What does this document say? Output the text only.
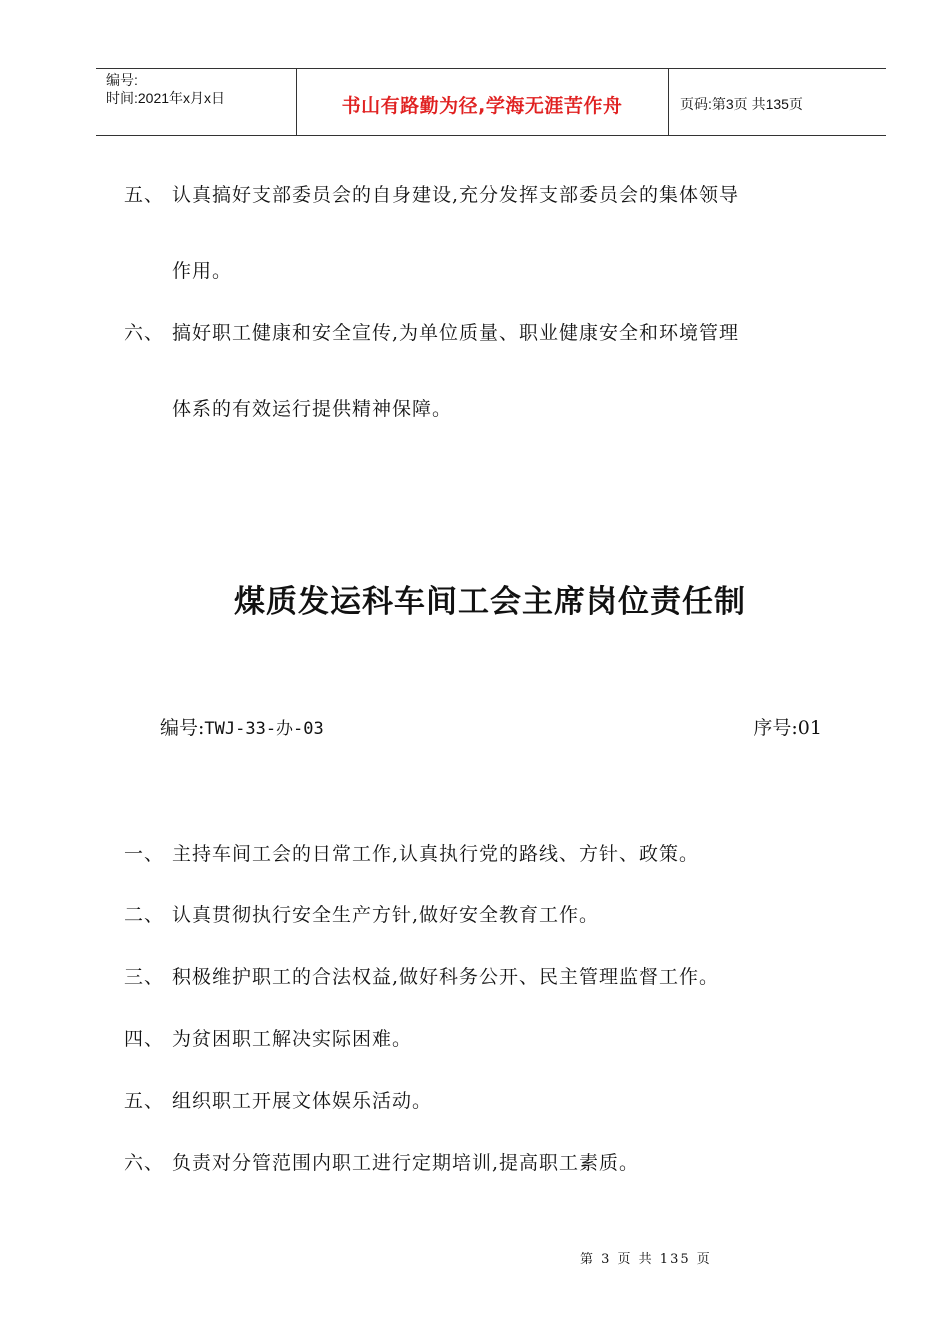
编号:
时间:2021年x月x日	书山有路勤为径,学海无涯苦作舟	页码:第3页 共135页
五、 认真搞好支部委员会的自身建设,充分发挥支部委员会的集体领导
作用。
六、 搞好职工健康和安全宣传,为单位质量、职业健康安全和环境管理
体系的有效运行提供精神保障。
煤质发运科车间工会主席岗位责任制
编号:TWJ-33-办-03	序号:01
一、 主持车间工会的日常工作,认真执行党的路线、方针、政策。
二、 认真贯彻执行安全生产方针,做好安全教育工作。
三、 积极维护职工的合法权益,做好科务公开、民主管理监督工作。
四、 为贫困职工解决实际困难。
五、 组织职工开展文体娱乐活动。
六、 负责对分管范围内职工进行定期培训,提高职工素质。
第 3 页 共 135 页
